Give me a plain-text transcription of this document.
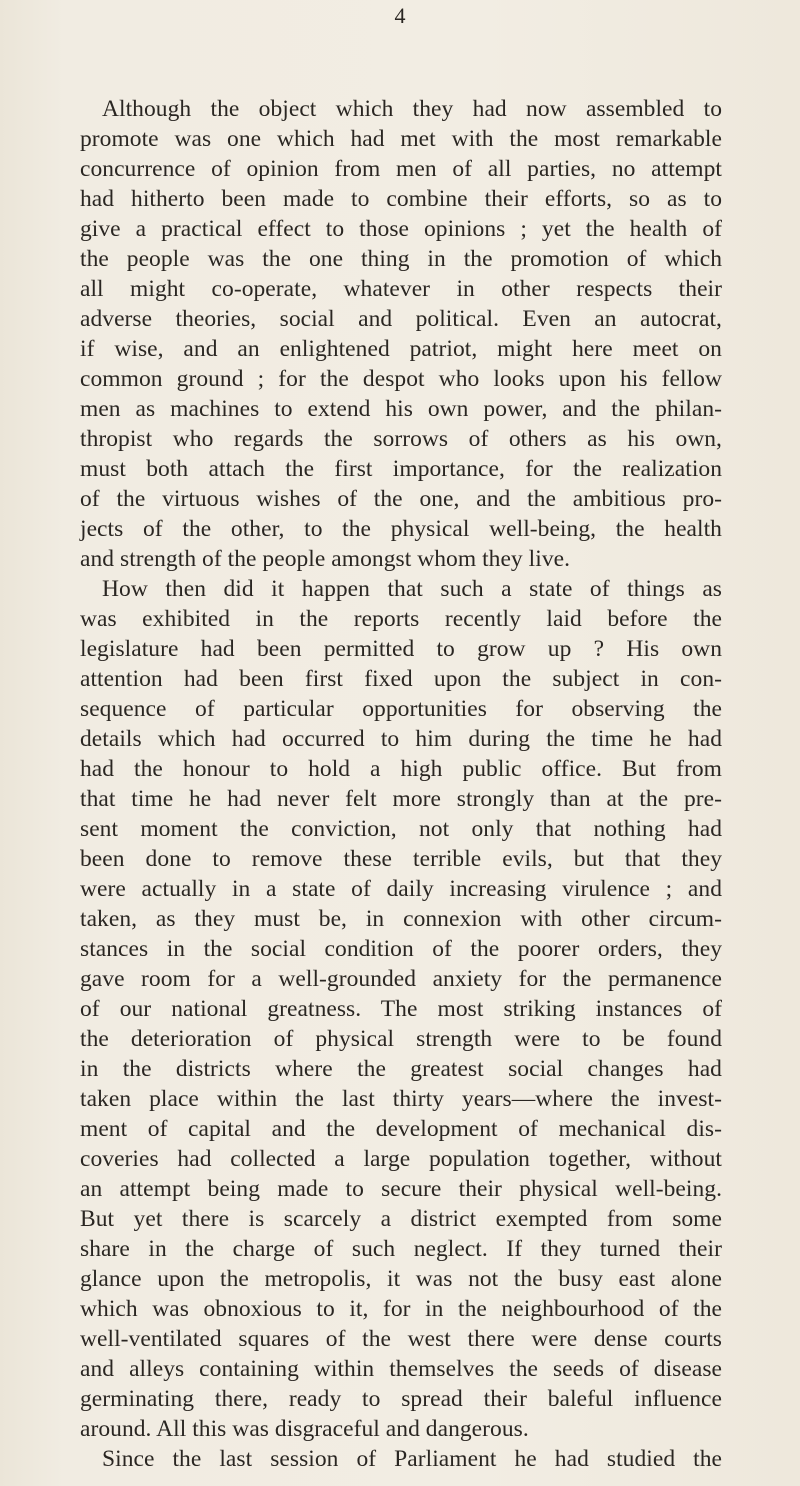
4
Although the object which they had now assembled to
promote was one which had met with the most remarkable
concurrence of opinion from men of all parties, no attempt
had hitherto been made to combine their efforts, so as to
give a practical effect to those opinions ; yet the health of
the people was the one thing in the promotion of which
all might co-operate, whatever in other respects their
adverse theories, social and political. Even an autocrat,
if wise, and an enlightened patriot, might here meet on
common ground ; for the despot who looks upon his fellow
men as machines to extend his own power, and the philan-
thropist who regards the sorrows of others as his own,
must both attach the first importance, for the realization
of the virtuous wishes of the one, and the ambitious pro-
jects of the other, to the physical well-being, the health
and strength of the people amongst whom they live.
How then did it happen that such a state of things as
was exhibited in the reports recently laid before the
legislature had been permitted to grow up ? His own
attention had been first fixed upon the subject in con-
sequence of particular opportunities for observing the
details which had occurred to him during the time he had
had the honour to hold a high public office. But from
that time he had never felt more strongly than at the pre-
sent moment the conviction, not only that nothing had
been done to remove these terrible evils, but that they
were actually in a state of daily increasing virulence ; and
taken, as they must be, in connexion with other circum-
stances in the social condition of the poorer orders, they
gave room for a well-grounded anxiety for the permanence
of our national greatness. The most striking instances of
the deterioration of physical strength were to be found
in the districts where the greatest social changes had
taken place within the last thirty years—where the invest-
ment of capital and the development of mechanical dis-
coveries had collected a large population together, without
an attempt being made to secure their physical well-being.
But yet there is scarcely a district exempted from some
share in the charge of such neglect. If they turned their
glance upon the metropolis, it was not the busy east alone
which was obnoxious to it, for in the neighbourhood of the
well-ventilated squares of the west there were dense courts
and alleys containing within themselves the seeds of disease
germinating there, ready to spread their baleful influence
around. All this was disgraceful and dangerous.
Since the last session of Parliament he had studied the
